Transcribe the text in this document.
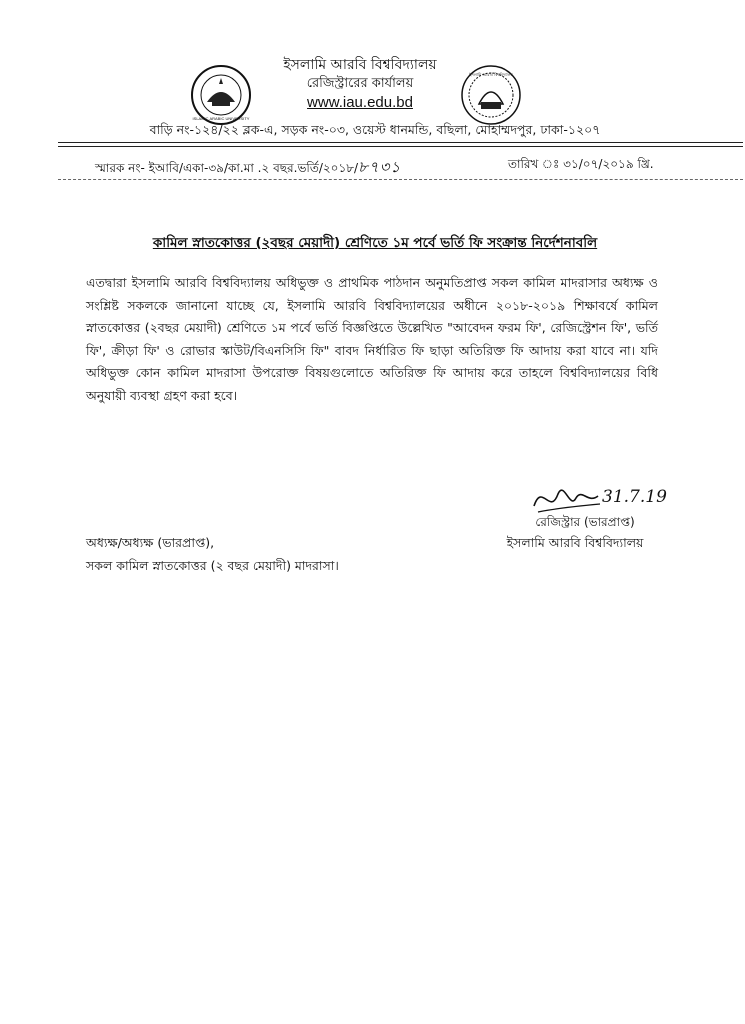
ISLAMIC ARABIC UNIVERSITY
ইসলামি আরবি বিশ্ববিদ্যালয়
রেজিস্ট্রারের কার্যালয়
www.iau.edu.bd
ইসলামি আরবি বিশ্ববিদ্যালয়
বাড়ি নং-১২৪/২২ ব্লক-এ, সড়ক নং-০৩, ওয়েস্ট ধানমন্ডি, বছিলা, মোহাম্মদপুর, ঢাকা-১২০৭
স্মারক নং- ইআবি/একা-৩৯/কা.মা .২ বছর.ভর্তি/২০১৮/৮৭৩১	তারিখ ঃ ৩১/০৭/২০১৯ খ্রি.
কামিল স্নাতকোত্তর (২বছর মেয়াদী) শ্রেণিতে ১ম পর্বে ভর্তি ফি সংক্রান্ত নির্দেশনাবলি
এতদ্বারা ইসলামি আরবি বিশ্ববিদ্যালয় অধিভুক্ত ও প্রাথমিক পাঠদান অনুমতিপ্রাপ্ত সকল কামিল মাদরাসার অধ্যক্ষ ও সংশ্লিষ্ট সকলকে জানানো যাচ্ছে যে, ইসলামি আরবি বিশ্ববিদ্যালয়ের অধীনে ২০১৮-২০১৯ শিক্ষাবর্ষে কামিল স্নাতকোত্তর (২বছর মেয়াদী) শ্রেণিতে ১ম পর্বে ভর্তি বিজ্ঞপ্তিতে উল্লেখিত "আবেদন ফরম ফি', রেজিস্ট্রেশন ফি', ভর্তি ফি', ক্রীড়া ফি' ও রোভার স্কাউট/বিএনসিসি ফি" বাবদ নির্ধারিত ফি ছাড়া অতিরিক্ত ফি আদায় করা যাবে না। যদি অধিভুক্ত কোন কামিল মাদরাসা উপরোক্ত বিষয়গুলোতে অতিরিক্ত ফি আদায় করে তাহলে বিশ্ববিদ্যালয়ের বিধি অনুযায়ী ব্যবস্থা গ্রহণ করা হবে।
31.7.19
রেজিস্ট্রার (ভারপ্রাপ্ত)
ইসলামি আরবি বিশ্ববিদ্যালয়
অধ্যক্ষ/অধ্যক্ষ (ভারপ্রাপ্ত),
সকল কামিল স্নাতকোত্তর (২ বছর মেয়াদী) মাদরাসা।
